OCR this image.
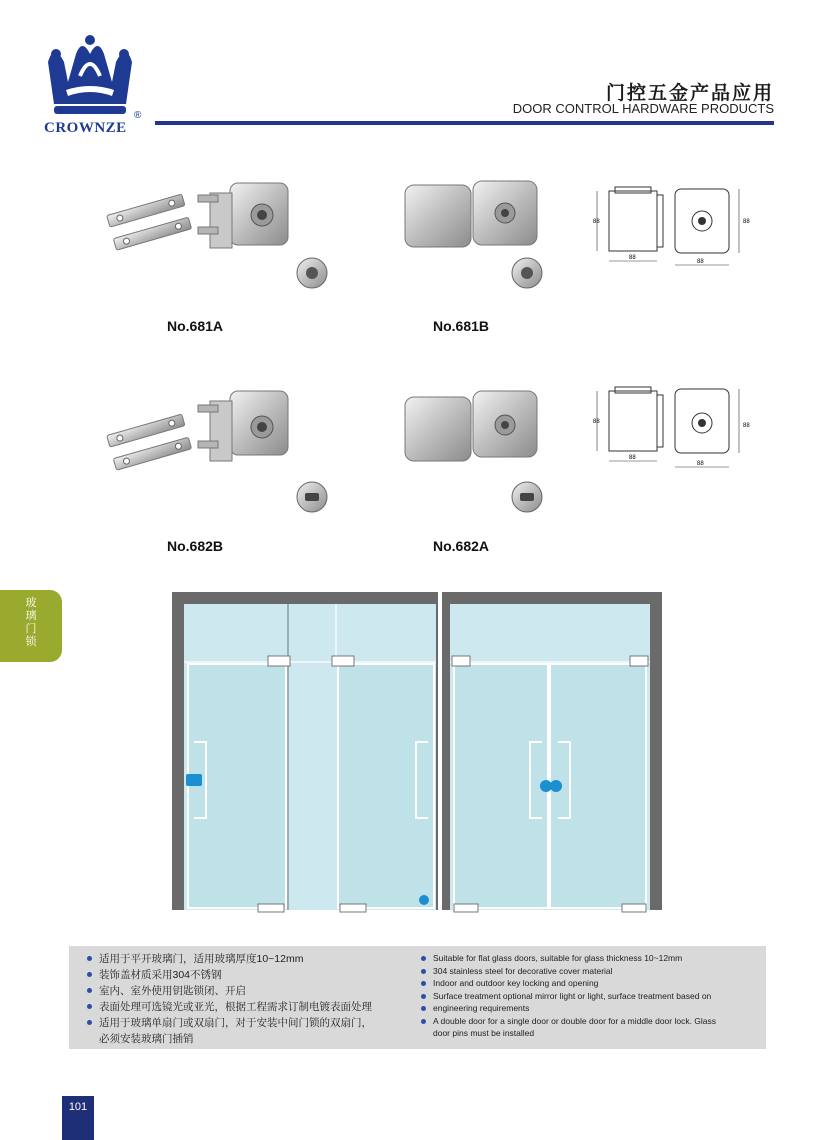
CROWNZE
®
门控五金产品应用
DOOR CONTROL HARDWARE PRODUCTS
No.681A	No.681B
88
88
88
88
No.682B	No.682A
88
88
88
88
玻
璃
门
锁
适用于平开玻璃门，适用玻璃厚度10~12mm
装饰盖材质采用304不锈钢
室内、室外使用钥匙锁闭、开启
表面处理可选镜光或亚光，根据工程需求订制电镀表面处理
适用于玻璃单扇门或双扇门，对于安装中间门锁的双扇门，
必须安装玻璃门插销
Suitable for flat glass doors, suitable for glass thickness 10~12mm
304 stainless steel for decorative cover material
Indoor and outdoor key locking and opening
Surface treatment optional mirror light or light, surface treatment based on
engineering requirements
A double door for a single door or double door for a middle door lock. Glass
door pins must be installed
101
